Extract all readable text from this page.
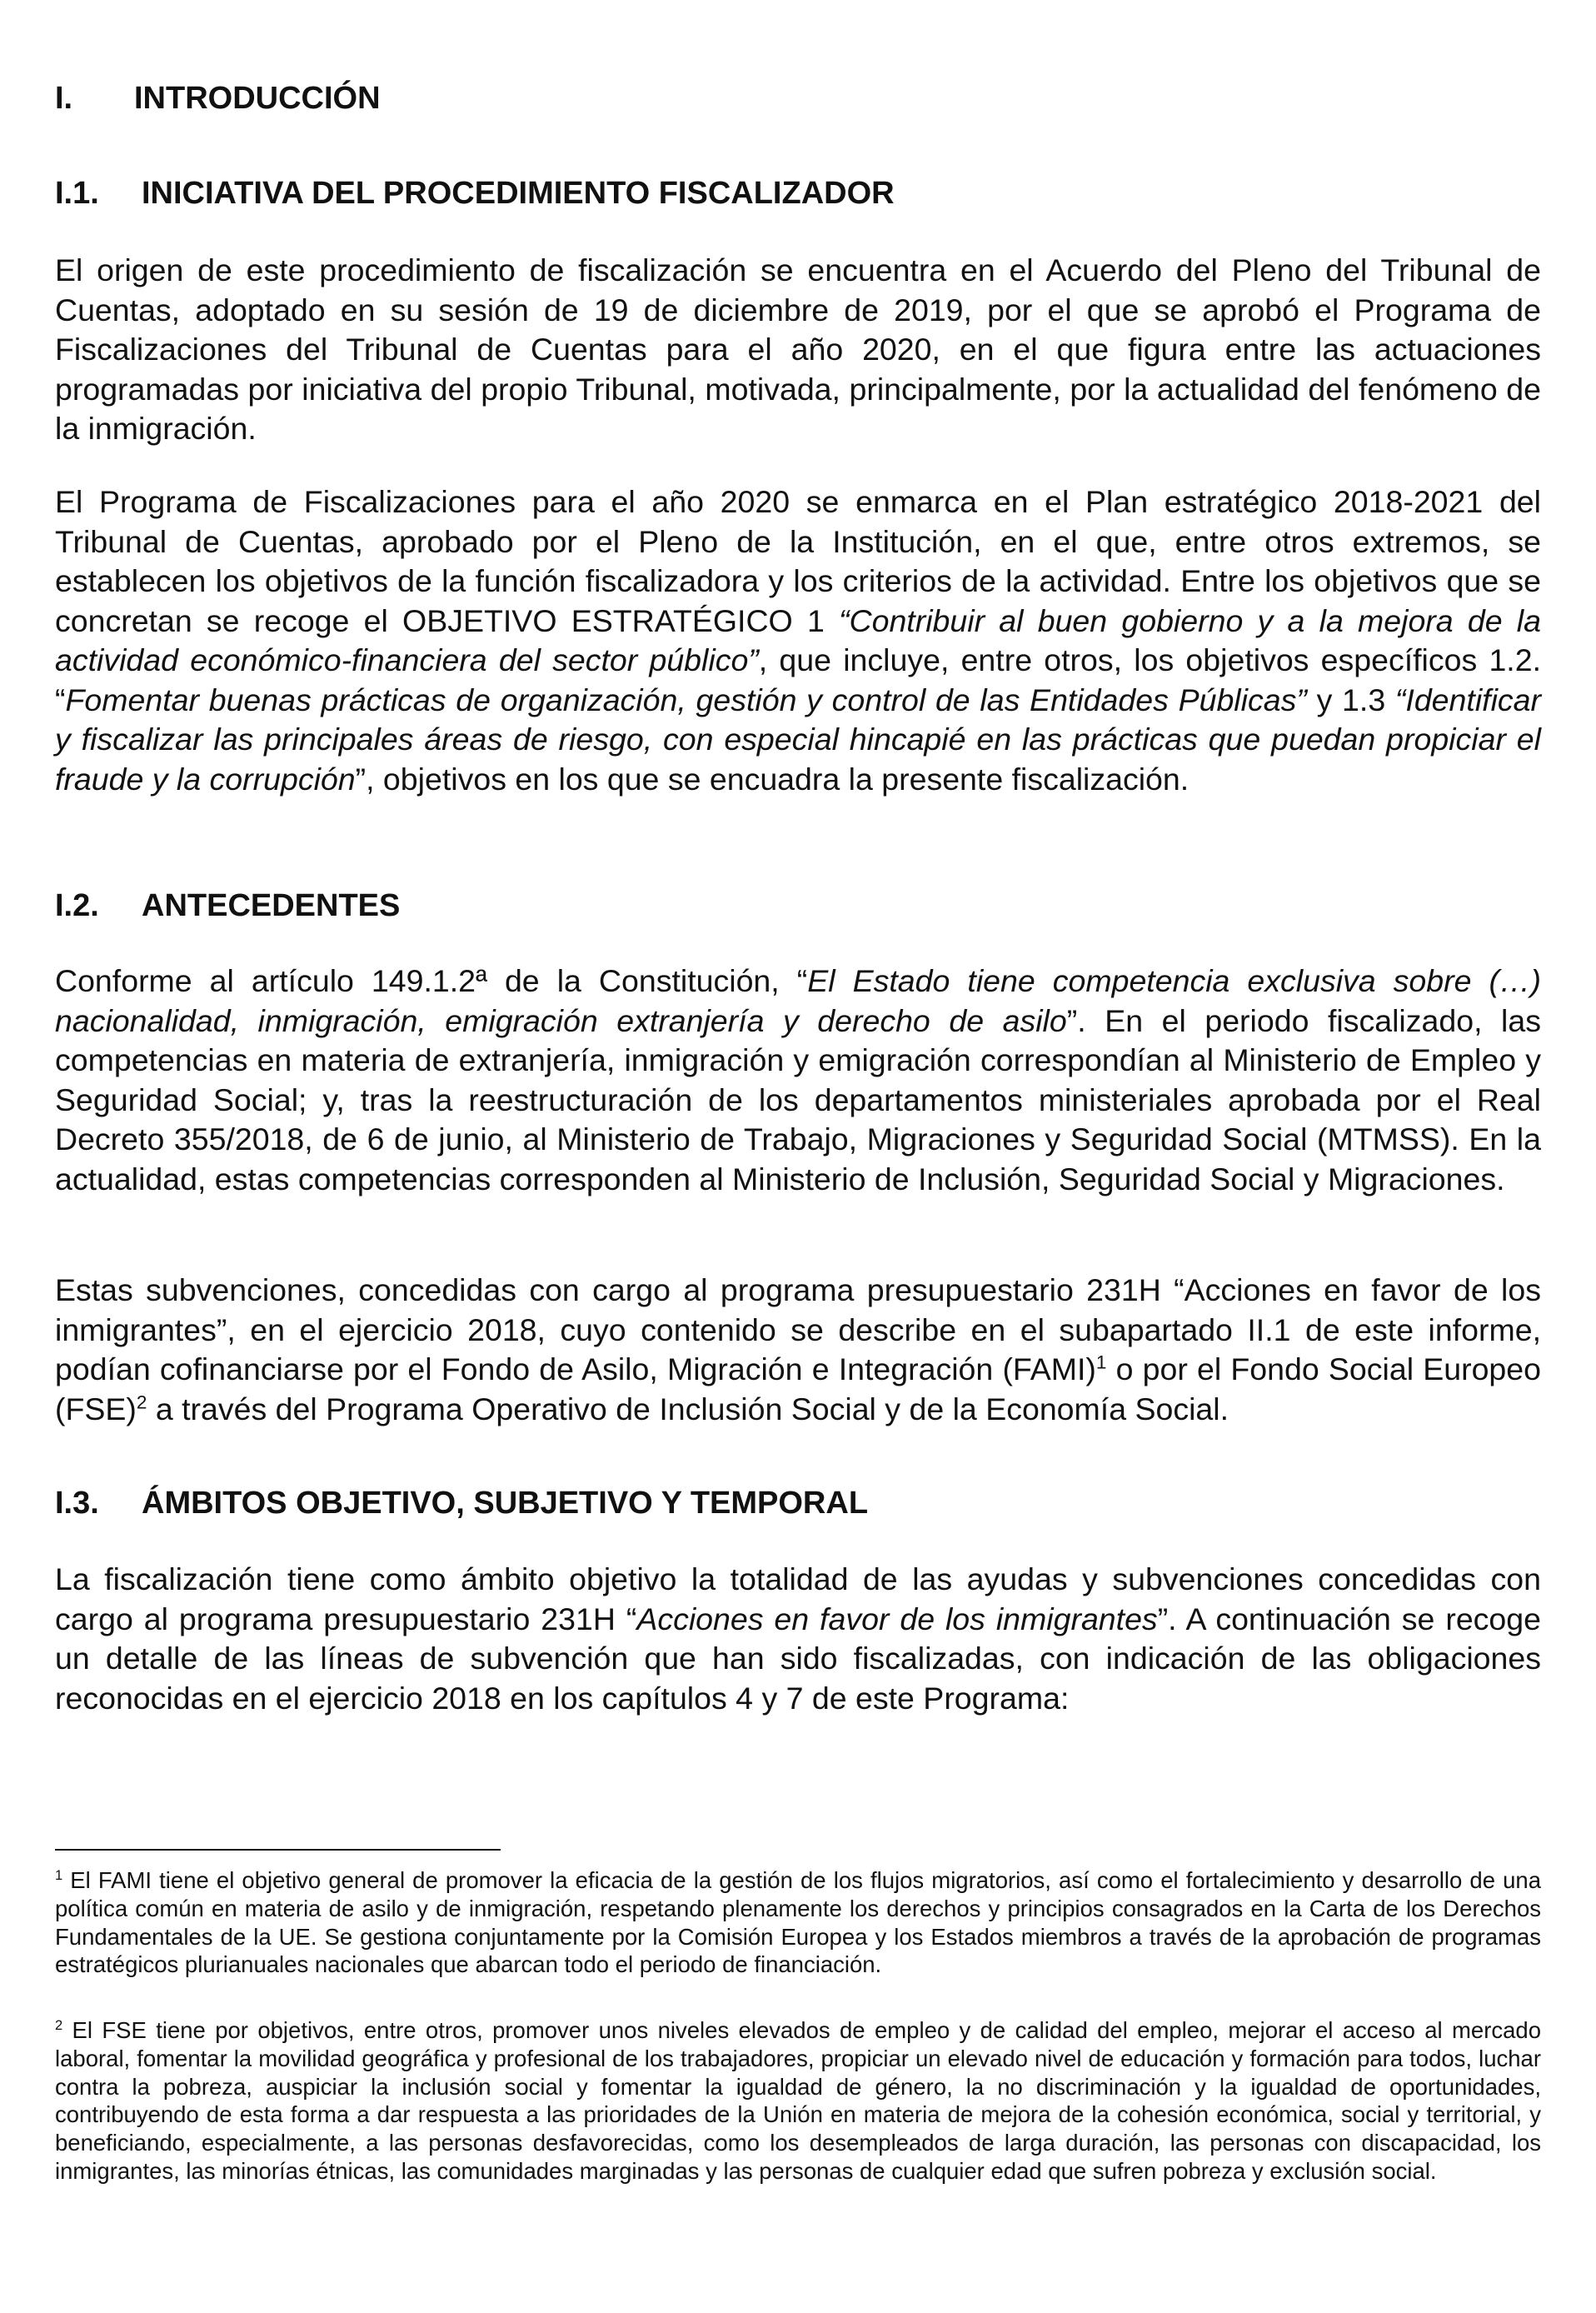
I. INTRODUCCIÓN
I.1. INICIATIVA DEL PROCEDIMIENTO FISCALIZADOR

El origen de este procedimiento de fiscalización se encuentra en el Acuerdo del Pleno del Tribunal de Cuentas, adoptado en su sesión de 19 de diciembre de 2019, por el que se aprobó el Programa de Fiscalizaciones del Tribunal de Cuentas para el año 2020, en el que figura entre las actuaciones programadas por iniciativa del propio Tribunal, motivada, principalmente, por la actualidad del fenómeno de la inmigración.

El Programa de Fiscalizaciones para el año 2020 se enmarca en el Plan estratégico 2018-2021 del Tribunal de Cuentas, aprobado por el Pleno de la Institución, en el que, entre otros extremos, se establecen los objetivos de la función fiscalizadora y los criterios de la actividad. Entre los objetivos que se concretan se recoge el OBJETIVO ESTRATÉGICO 1 “Contribuir al buen gobierno y a la mejora de la actividad económico-financiera del sector público”, que incluye, entre otros, los objetivos específicos 1.2. “Fomentar buenas prácticas de organización, gestión y control de las Entidades Públicas” y 1.3 “Identificar y fiscalizar las principales áreas de riesgo, con especial hincapié en las prácticas que puedan propiciar el fraude y la corrupción”, objetivos en los que se encuadra la presente fiscalización.

I.2. ANTECEDENTES

Conforme al artículo 149.1.2ª de la Constitución, “El Estado tiene competencia exclusiva sobre (…) nacionalidad, inmigración, emigración extranjería y derecho de asilo”. En el periodo fiscalizado, las competencias en materia de extranjería, inmigración y emigración correspondían al Ministerio de Empleo y Seguridad Social; y, tras la reestructuración de los departamentos ministeriales aprobada por el Real Decreto 355/2018, de 6 de junio, al Ministerio de Trabajo, Migraciones y Seguridad Social (MTMSS). En la actualidad, estas competencias corresponden al Ministerio de Inclusión, Seguridad Social y Migraciones.

Estas subvenciones, concedidas con cargo al programa presupuestario 231H “Acciones en favor de los inmigrantes”, en el ejercicio 2018, cuyo contenido se describe en el subapartado II.1 de este informe, podían cofinanciarse por el Fondo de Asilo, Migración e Integración (FAMI)$^1$ o por el Fondo Social Europeo (FSE)$^2$ a través del Programa Operativo de Inclusión Social y de la Economía Social.

I.3. ÁMBITOS OBJETIVO, SUBJETIVO Y TEMPORAL

La fiscalización tiene como ámbito objetivo la totalidad de las ayudas y subvenciones concedidas con cargo al programa presupuestario 231H “Acciones en favor de los inmigrantes”. A continuación se recoge un detalle de las líneas de subvención que han sido fiscalizadas, con indicación de las obligaciones reconocidas en el ejercicio 2018 en los capítulos 4 y 7 de este Programa:

$^1$ El FAMI tiene el objetivo general de promover la eficacia de la gestión de los flujos migratorios, así como el fortalecimiento y desarrollo de una política común en materia de asilo y de inmigración, respetando plenamente los derechos y principios consagrados en la Carta de los Derechos Fundamentales de la UE. Se gestiona conjuntamente por la Comisión Europea y los Estados miembros a través de la aprobación de programas estratégicos plurianuales nacionales que abarcan todo el periodo de financiación.

$^2$ El FSE tiene por objetivos, entre otros, promover unos niveles elevados de empleo y de calidad del empleo, mejorar el acceso al mercado laboral, fomentar la movilidad geográfica y profesional de los trabajadores, propiciar un elevado nivel de educación y formación para todos, luchar contra la pobreza, auspiciar la inclusión social y fomentar la igualdad de género, la no discriminación y la igualdad de oportunidades, contribuyendo de esta forma a dar respuesta a las prioridades de la Unión en materia de mejora de la cohesión económica, social y territorial, y beneficiando, especialmente, a las personas desfavorecidas, como los desempleados de larga duración, las personas con discapacidad, los inmigrantes, las minorías étnicas, las comunidades marginadas y las personas de cualquier edad que sufren pobreza y exclusión social.
